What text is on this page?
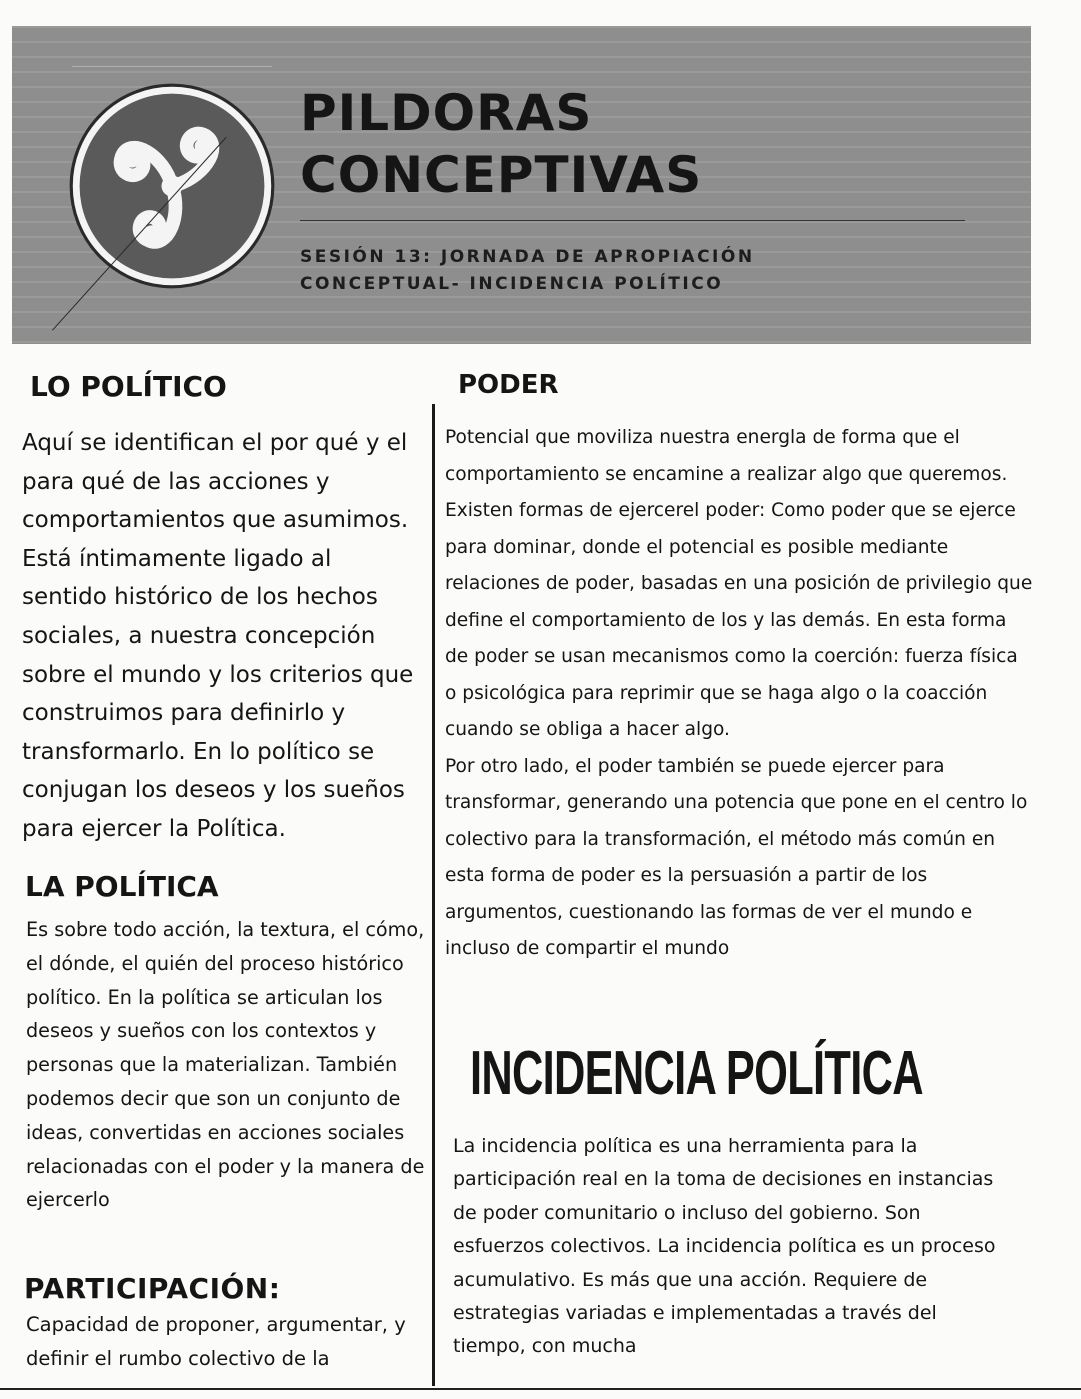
PILDORAS
CONCEPTIVAS
SESIÓN 13: JORNADA DE APROPIACIÓN
CONCEPTUAL- INCIDENCIA POLÍTICO
LO POLÍTICO

Aquí se identifican el por qué y el para qué de las acciones y comportamientos que asumimos. Está íntimamente ligado al sentido histórico de los hechos sociales, a nuestra concepción sobre el mundo y los criterios que construimos para definirlo y transformarlo. En lo político se conjugan los deseos y los sueños para ejercer la Política.

LA POLÍTICA

Es sobre todo acción, la textura, el cómo, el dónde, el quién del proceso histórico político. En la política se articulan los deseos y sueños con los contextos y personas que la materializan. También podemos decir que son un conjunto de ideas, convertidas en acciones sociales relacionadas con el poder y la manera de ejercerlo

PARTICIPACIÓN:

Capacidad de proponer, argumentar, y definir el rumbo colectivo de la

PODER
Potencial que moviliza nuestra energla de forma que el comportamiento se encamine a realizar algo que queremos. Existen formas de ejercerel poder: Como poder que se ejerce para dominar, donde el potencial es posible mediante relaciones de poder, basadas en una posición de privilegio que define el comportamiento de los y las demás. En esta forma de poder se usan mecanismos como la coerción: fuerza física o psicológica para reprimir que se haga algo o la coacción cuando se obliga a hacer algo.
Por otro lado, el poder también se puede ejercer para transformar, generando una potencia que pone en el centro lo colectivo para la transformación, el método más común en esta forma de poder es la persuasión a partir de los argumentos, cuestionando las formas de ver el mundo e incluso de compartir el mundo
INCIDENCIA POLÍTICA

La incidencia política es una herramienta para la participación real en la toma de decisiones en instancias de poder comunitario o incluso del gobierno. Son esfuerzos colectivos. La incidencia política es un proceso acumulativo. Es más que una acción. Requiere de estrategias variadas e implementadas a través del tiempo, con mucha
